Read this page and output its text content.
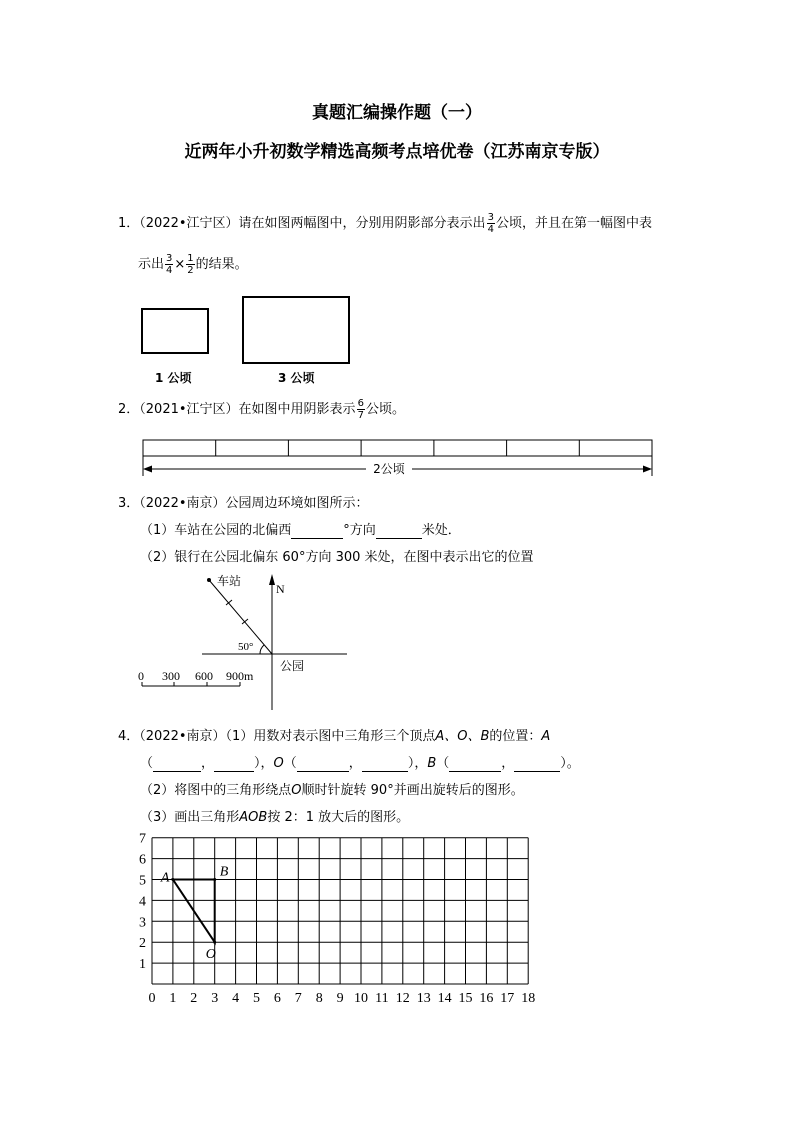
真题汇编操作题（一）
近两年小升初数学精选高频考点培优卷（江苏南京专版）
1．（2022•江宁区）请在如图两幅图中，分别用阴影部分表示出 $\frac{3}{4}$ 公顷，并且在第一幅图中表
示出 $\frac{3}{4} \times \frac{1}{2}$ 的结果。
1 公顷	3 公顷
2．（2021•江宁区）在如图中用阴影表示 $\frac{6}{7}$ 公顷。
2公顷
3．（2022•南京）公园周边环境如图所示：
（1）车站在公园的北偏西	°方向	米处．
（2）银行在公园北偏东 60°方向 300 米处，在图中表示出它的位置
车站
N
50°
公园
0 300 600 900m
4．（2022•南京）（1）用数对表示图中三角形三个顶点A、O、B的位置：A
（	，	），O（	，	），B（	，	）。
（2）将图中的三角形绕点O顺时针旋转 90°并画出旋转后的图形。
（3）画出三角形AOB按 2：1 放大后的图形。
0 1 2 3 4 5 6 7 8 9 10 11 12 13 14 15 16 17 18
1
2
3
4
5
6
7
A	B
O
